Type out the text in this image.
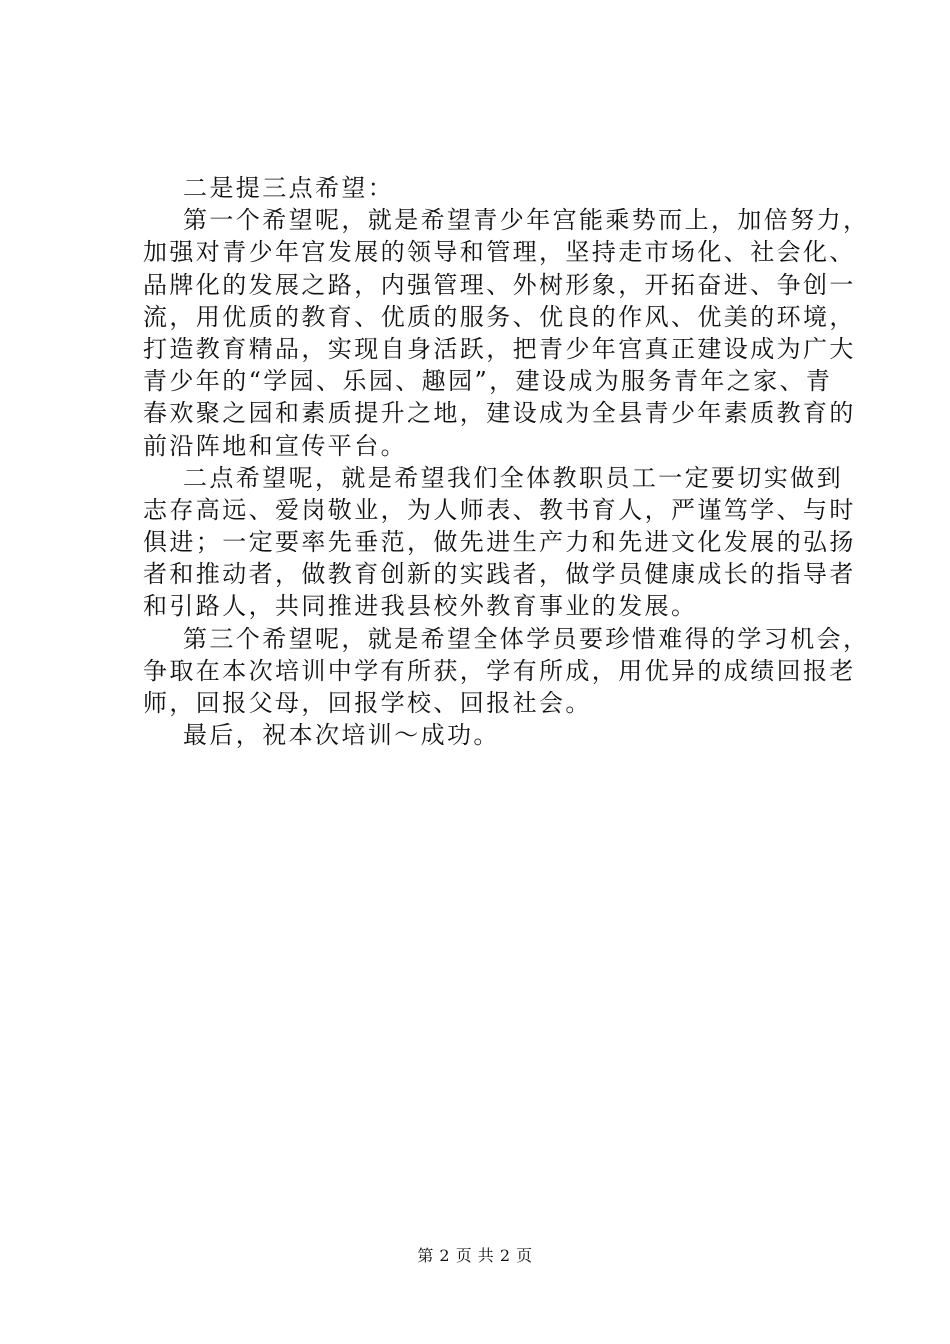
二是提三点希望：

第一个希望呢，就是希望青少年宫能乘势而上，加倍努力，

加强对青少年宫发展的领导和管理，坚持走市场化、社会化、

品牌化的发展之路，内强管理、外树形象，开拓奋进、争创一

流，用优质的教育、优质的服务、优良的作风、优美的环境，

打造教育精品，实现自身活跃，把青少年宫真正建设成为广大

青少年的“学园、乐园、趣园”，建设成为服务青年之家、青

春欢聚之园和素质提升之地，建设成为全县青少年素质教育的

前沿阵地和宣传平台。

二点希望呢，就是希望我们全体教职员工一定要切实做到

志存高远、爱岗敬业，为人师表、教书育人，严谨笃学、与时

俱进；一定要率先垂范，做先进生产力和先进文化发展的弘扬

者和推动者，做教育创新的实践者，做学员健康成长的指导者

和引路人，共同推进我县校外教育事业的发展。

第三个希望呢，就是希望全体学员要珍惜难得的学习机会，

争取在本次培训中学有所获，学有所成，用优异的成绩回报老

师，回报父母，回报学校、回报社会。

最后，祝本次培训～成功。

第 2 页 共 2 页
